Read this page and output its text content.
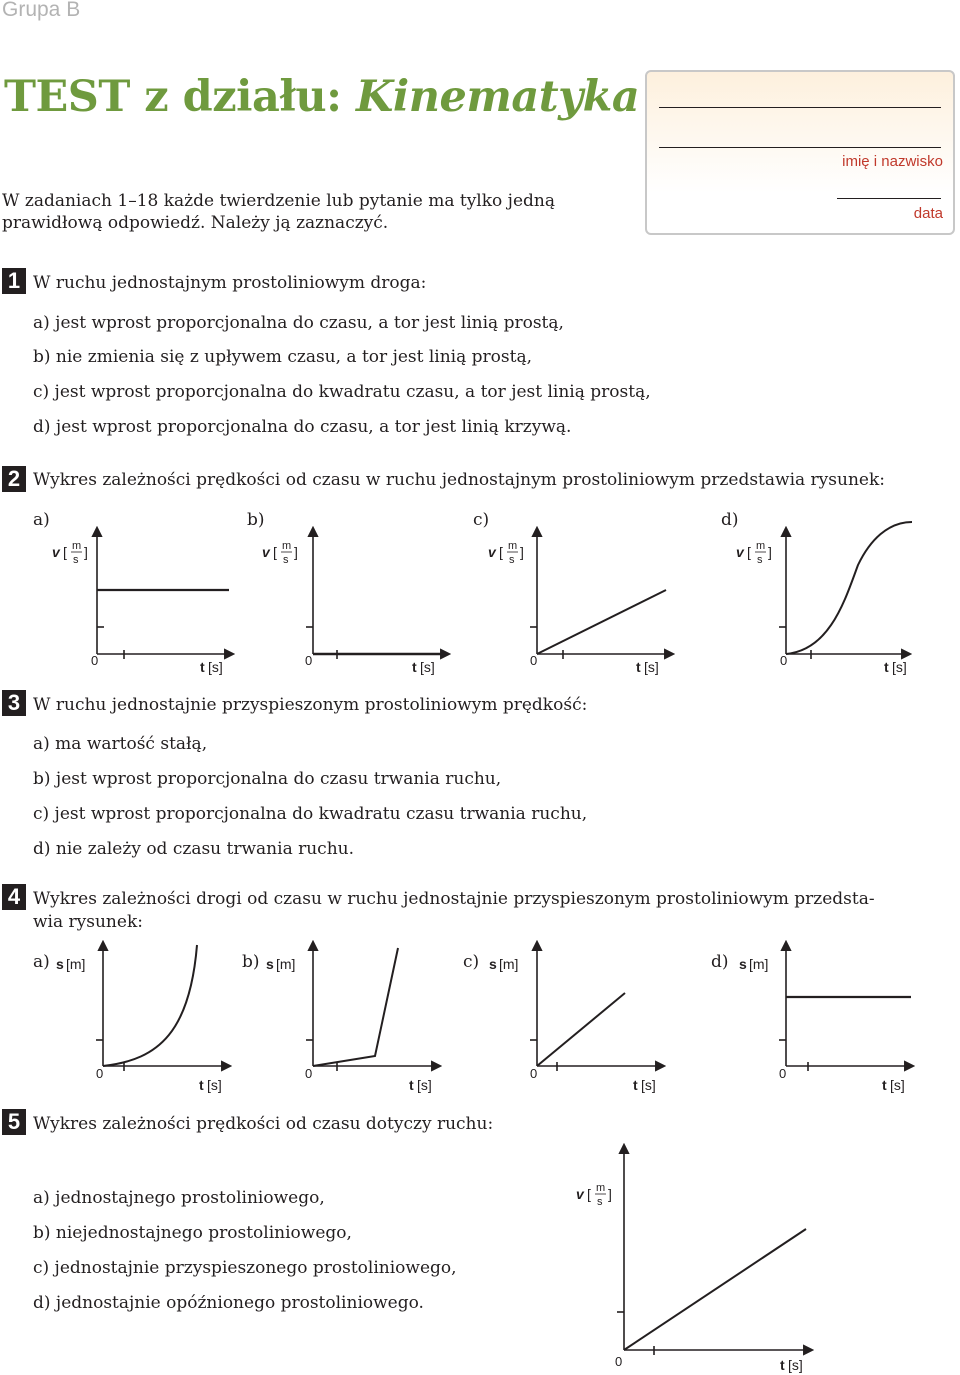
Grupa B
TEST z działu: Kinematyka
W zadaniach 1–18 każde twierdzenie lub pytanie ma tylko jedną prawidłową odpowiedź. Należy ją zaznaczyć.
imię i nazwisko
data
1 W ruchu jednostajnym prostoliniowym droga:
a) jest wprost proporcjonalna do czasu, a tor jest linią prostą,
b) nie zmienia się z upływem czasu, a tor jest linią prostą,
c) jest wprost proporcjonalna do kwadratu czasu, a tor jest linią prostą,
d) jest wprost proporcjonalna do czasu, a tor jest linią krzywą.
2 Wykres zależności prędkości od czasu w ruchu jednostajnym prostoliniowym przedstawia rysunek:
a)	b)	c)	d)
3 W ruchu jednostajnie przyspieszonym prostoliniowym prędkość:
a) ma wartość stałą,
b) jest wprost proporcjonalna do czasu trwania ruchu,
c) jest wprost proporcjonalna do kwadratu czasu trwania ruchu,
d) nie zależy od czasu trwania ruchu.
4 Wykres zależności drogi od czasu w ruchu jednostajnie przyspieszonym prostoliniowym przedsta-
wia rysunek:
a)	b)	c)	d)
5 Wykres zależności prędkości od czasu dotyczy ruchu:
a) jednostajnego prostoliniowego,
b) niejednostajnego prostoliniowego,
c) jednostajnie przyspieszonego prostoliniowego,
d) jednostajnie opóźnionego prostoliniowego.
v [ m
s ]
0	t [s]
v [ m
s ]
0	t [s]
v [ m
s ]
0	t [s]
v [ m
s ]
0	t [s]
s [m]
0
t [s]
s [m]
0
t [s]
s [m]
0
t [s]
s [m]
0
t [s]
v [ m
s ]
0	t [s]
